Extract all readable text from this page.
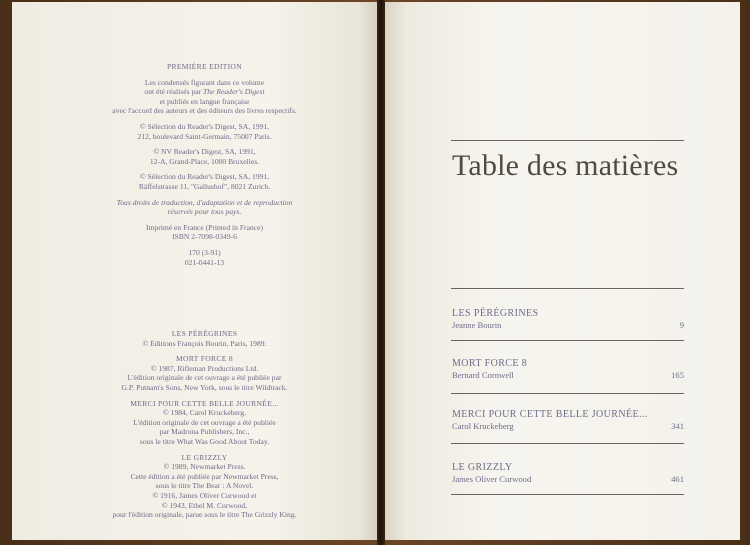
PREMIÈRE EDITION
Les condensés figurant dans ce volume
ont été réalisés par The Reader's Digest
et publiés en langue française
avec l'accord des auteurs et des éditeurs des livres respectifs.
© Sélection du Reader's Digest, SA, 1991,
212, boulevard Saint-Germain, 75007 Paris.
© NV Reader's Digest, SA, 1991,
12-A, Grand-Place, 1000 Bruxelles.
© Sélection du Reader's Digest, SA, 1991,
Räffelstrasse 11, "Gallushof", 8021 Zurich.
Tous droits de traduction, d'adaptation et de reproduction
réservés pour tous pays.
Imprimé en France (Printed in France)
ISBN 2-7098-0349-6
170 (3-91)
021-0441-13
LES PÉRÉGRINES
© Editions François Bourin, Paris, 1989.
MORT FORCE 8
© 1987, Rifleman Productions Ltd.
L'édition originale de cet ouvrage a été publiée par
G.P. Putnam's Sons, New York, sous le titre Wildtrack.
MERCI POUR CETTE BELLE JOURNÉE...
© 1984, Carol Kruckeberg.
L'édition originale de cet ouvrage a été publiée
par Madrona Publishers, Inc.,
sous le titre What Was Good About Today.
LE GRIZZLY
© 1989, Newmarket Press.
Cette édition a été publiée par Newmarket Press,
sous le titre The Bear : A Novel.
© 1916, James Oliver Curwood et
© 1943, Ethel M. Curwood,
pour l'édition originale, parue sous le titre The Grizzly King.
Table des matières
LES PÉRÉGRINES
Jeanne Bourin	9
MORT FORCE 8
Bernard Cornwell	165
MERCI POUR CETTE BELLE JOURNÉE...
Carol Kruckeberg	341
LE GRIZZLY
James Oliver Curwood	461
